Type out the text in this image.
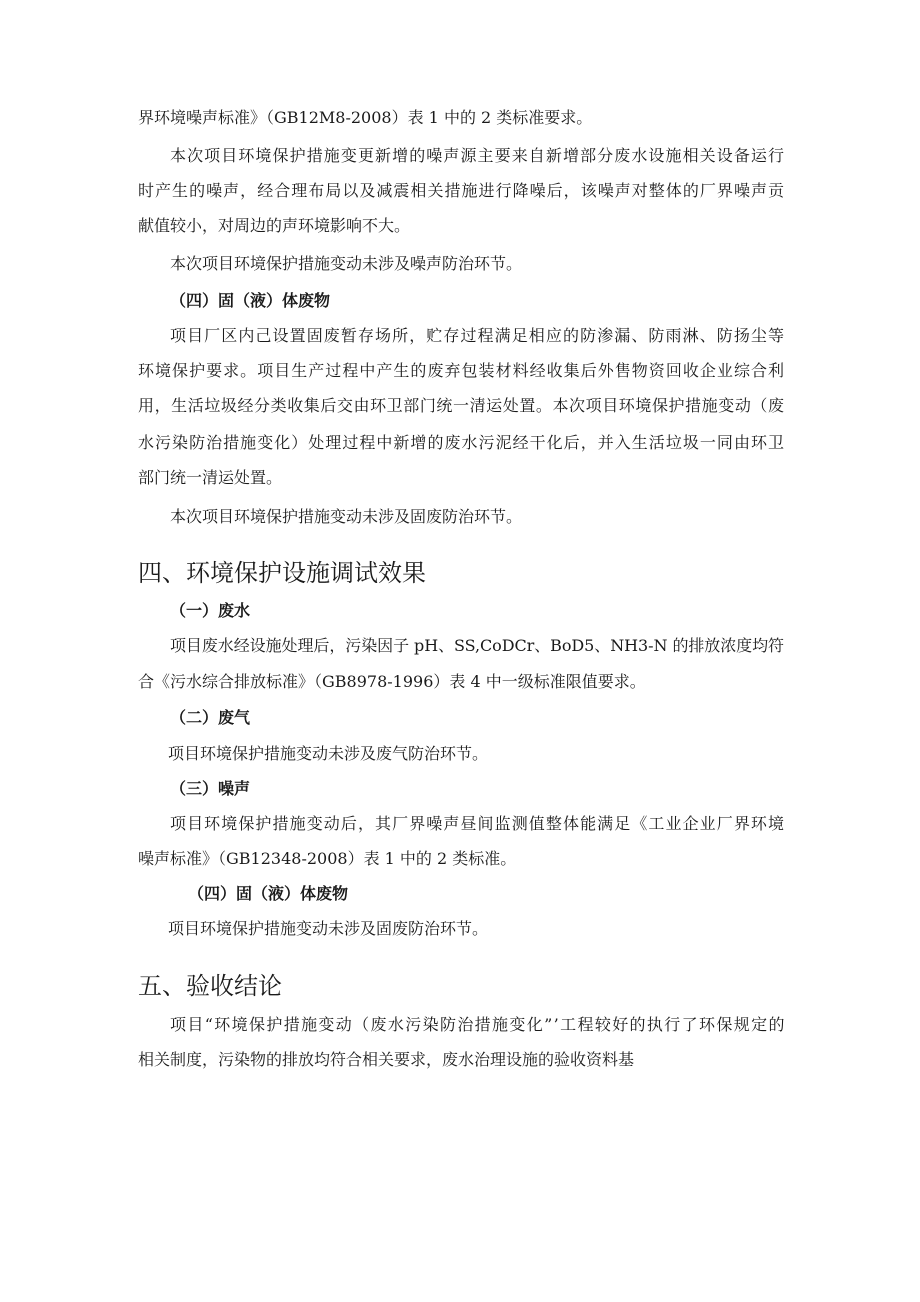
界环境噪声标准》（GB12M8-2008）表 1 中的 2 类标准要求。
本次项目环境保护措施变更新增的噪声源主要来自新增部分废水设施相关设备运行
时产生的噪声，经合理布局以及减震相关措施进行降噪后，该噪声对整体的厂界噪声贡
献值较小，对周边的声环境影响不大。
本次项目环境保护措施变动未涉及噪声防治环节。
（四）固（液）体废物
项目厂区内己设置固废暂存场所，贮存过程满足相应的防渗漏、防雨淋、防扬尘等
环境保护要求。项目生产过程中产生的废弃包装材料经收集后外售物资回收企业综合利
用，生活垃圾经分类收集后交由环卫部门统一清运处置。本次项目环境保护措施变动（废
水污染防治措施变化）处理过程中新增的废水污泥经干化后，并入生活垃圾一同由环卫
部门统一清运处置。
本次项目环境保护措施变动未涉及固废防治环节。
四、环境保护设施调试效果
（一）废水
项目废水经设施处理后，污染因子 pH、SS,CoDCr、BoD5、NH3-N 的排放浓度均符
合《污水综合排放标准》（GB8978-1996）表 4 中一级标准限值要求。
（二）废气
项目环境保护措施变动未涉及废气防治环节。
（三）噪声
项目环境保护措施变动后，其厂界噪声昼间监测值整体能满足《工业企业厂界环境
噪声标准》（GB12348-2008）表 1 中的 2 类标准。
（四）固（液）体废物
项目环境保护措施变动未涉及固废防治环节。
五、验收结论
项目“环境保护措施变动（废水污染防治措施变化”’工程较好的执行了环保规定的
相关制度，污染物的排放均符合相关要求，废水治理设施的验收资料基
